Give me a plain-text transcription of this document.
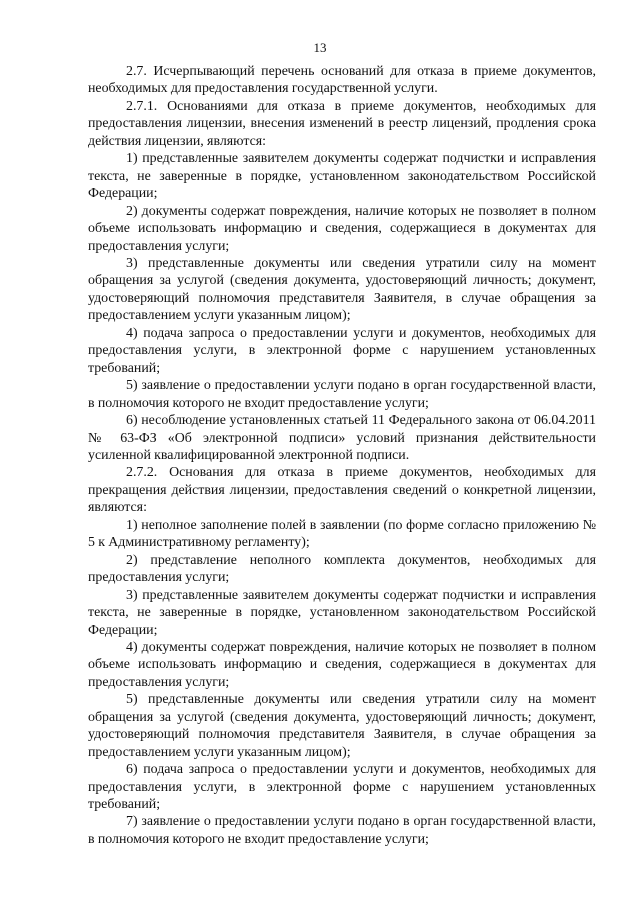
13

2.7. Исчерпывающий перечень оснований для отказа в приеме документов, необходимых для предоставления государственной услуги.

2.7.1. Основаниями для отказа в приеме документов, необходимых для предоставления лицензии, внесения изменений в реестр лицензий, продления срока действия лицензии, являются:

1) представленные заявителем документы содержат подчистки и исправления текста, не заверенные в порядке, установленном законодательством Российской Федерации;

2) документы содержат повреждения, наличие которых не позволяет в полном объеме использовать информацию и сведения, содержащиеся в документах для предоставления услуги;

3) представленные документы или сведения утратили силу на момент обращения за услугой (сведения документа, удостоверяющий личность; документ, удостоверяющий полномочия представителя Заявителя, в случае обращения за предоставлением услуги указанным лицом);

4) подача запроса о предоставлении услуги и документов, необходимых для предоставления услуги, в электронной форме с нарушением установленных требований;

5) заявление о предоставлении услуги подано в орган государственной власти, в полномочия которого не входит предоставление услуги;

6) несоблюдение установленных статьей 11 Федерального закона от 06.04.2011 № 63-ФЗ «Об электронной подписи» условий признания действительности усиленной квалифицированной электронной подписи.

2.7.2. Основания для отказа в приеме документов, необходимых для прекращения действия лицензии, предоставления сведений о конкретной лицензии, являются:

1) неполное заполнение полей в заявлении (по форме согласно приложению № 5 к Административному регламенту);

2) представление неполного комплекта документов, необходимых для предоставления услуги;

3) представленные заявителем документы содержат подчистки и исправления текста, не заверенные в порядке, установленном законодательством Российской Федерации;

4) документы содержат повреждения, наличие которых не позволяет в полном объеме использовать информацию и сведения, содержащиеся в документах для предоставления услуги;

5) представленные документы или сведения утратили силу на момент обращения за услугой (сведения документа, удостоверяющий личность; документ, удостоверяющий полномочия представителя Заявителя, в случае обращения за предоставлением услуги указанным лицом);

6) подача запроса о предоставлении услуги и документов, необходимых для предоставления услуги, в электронной форме с нарушением установленных требований;

7) заявление о предоставлении услуги подано в орган государственной власти, в полномочия которого не входит предоставление услуги;
